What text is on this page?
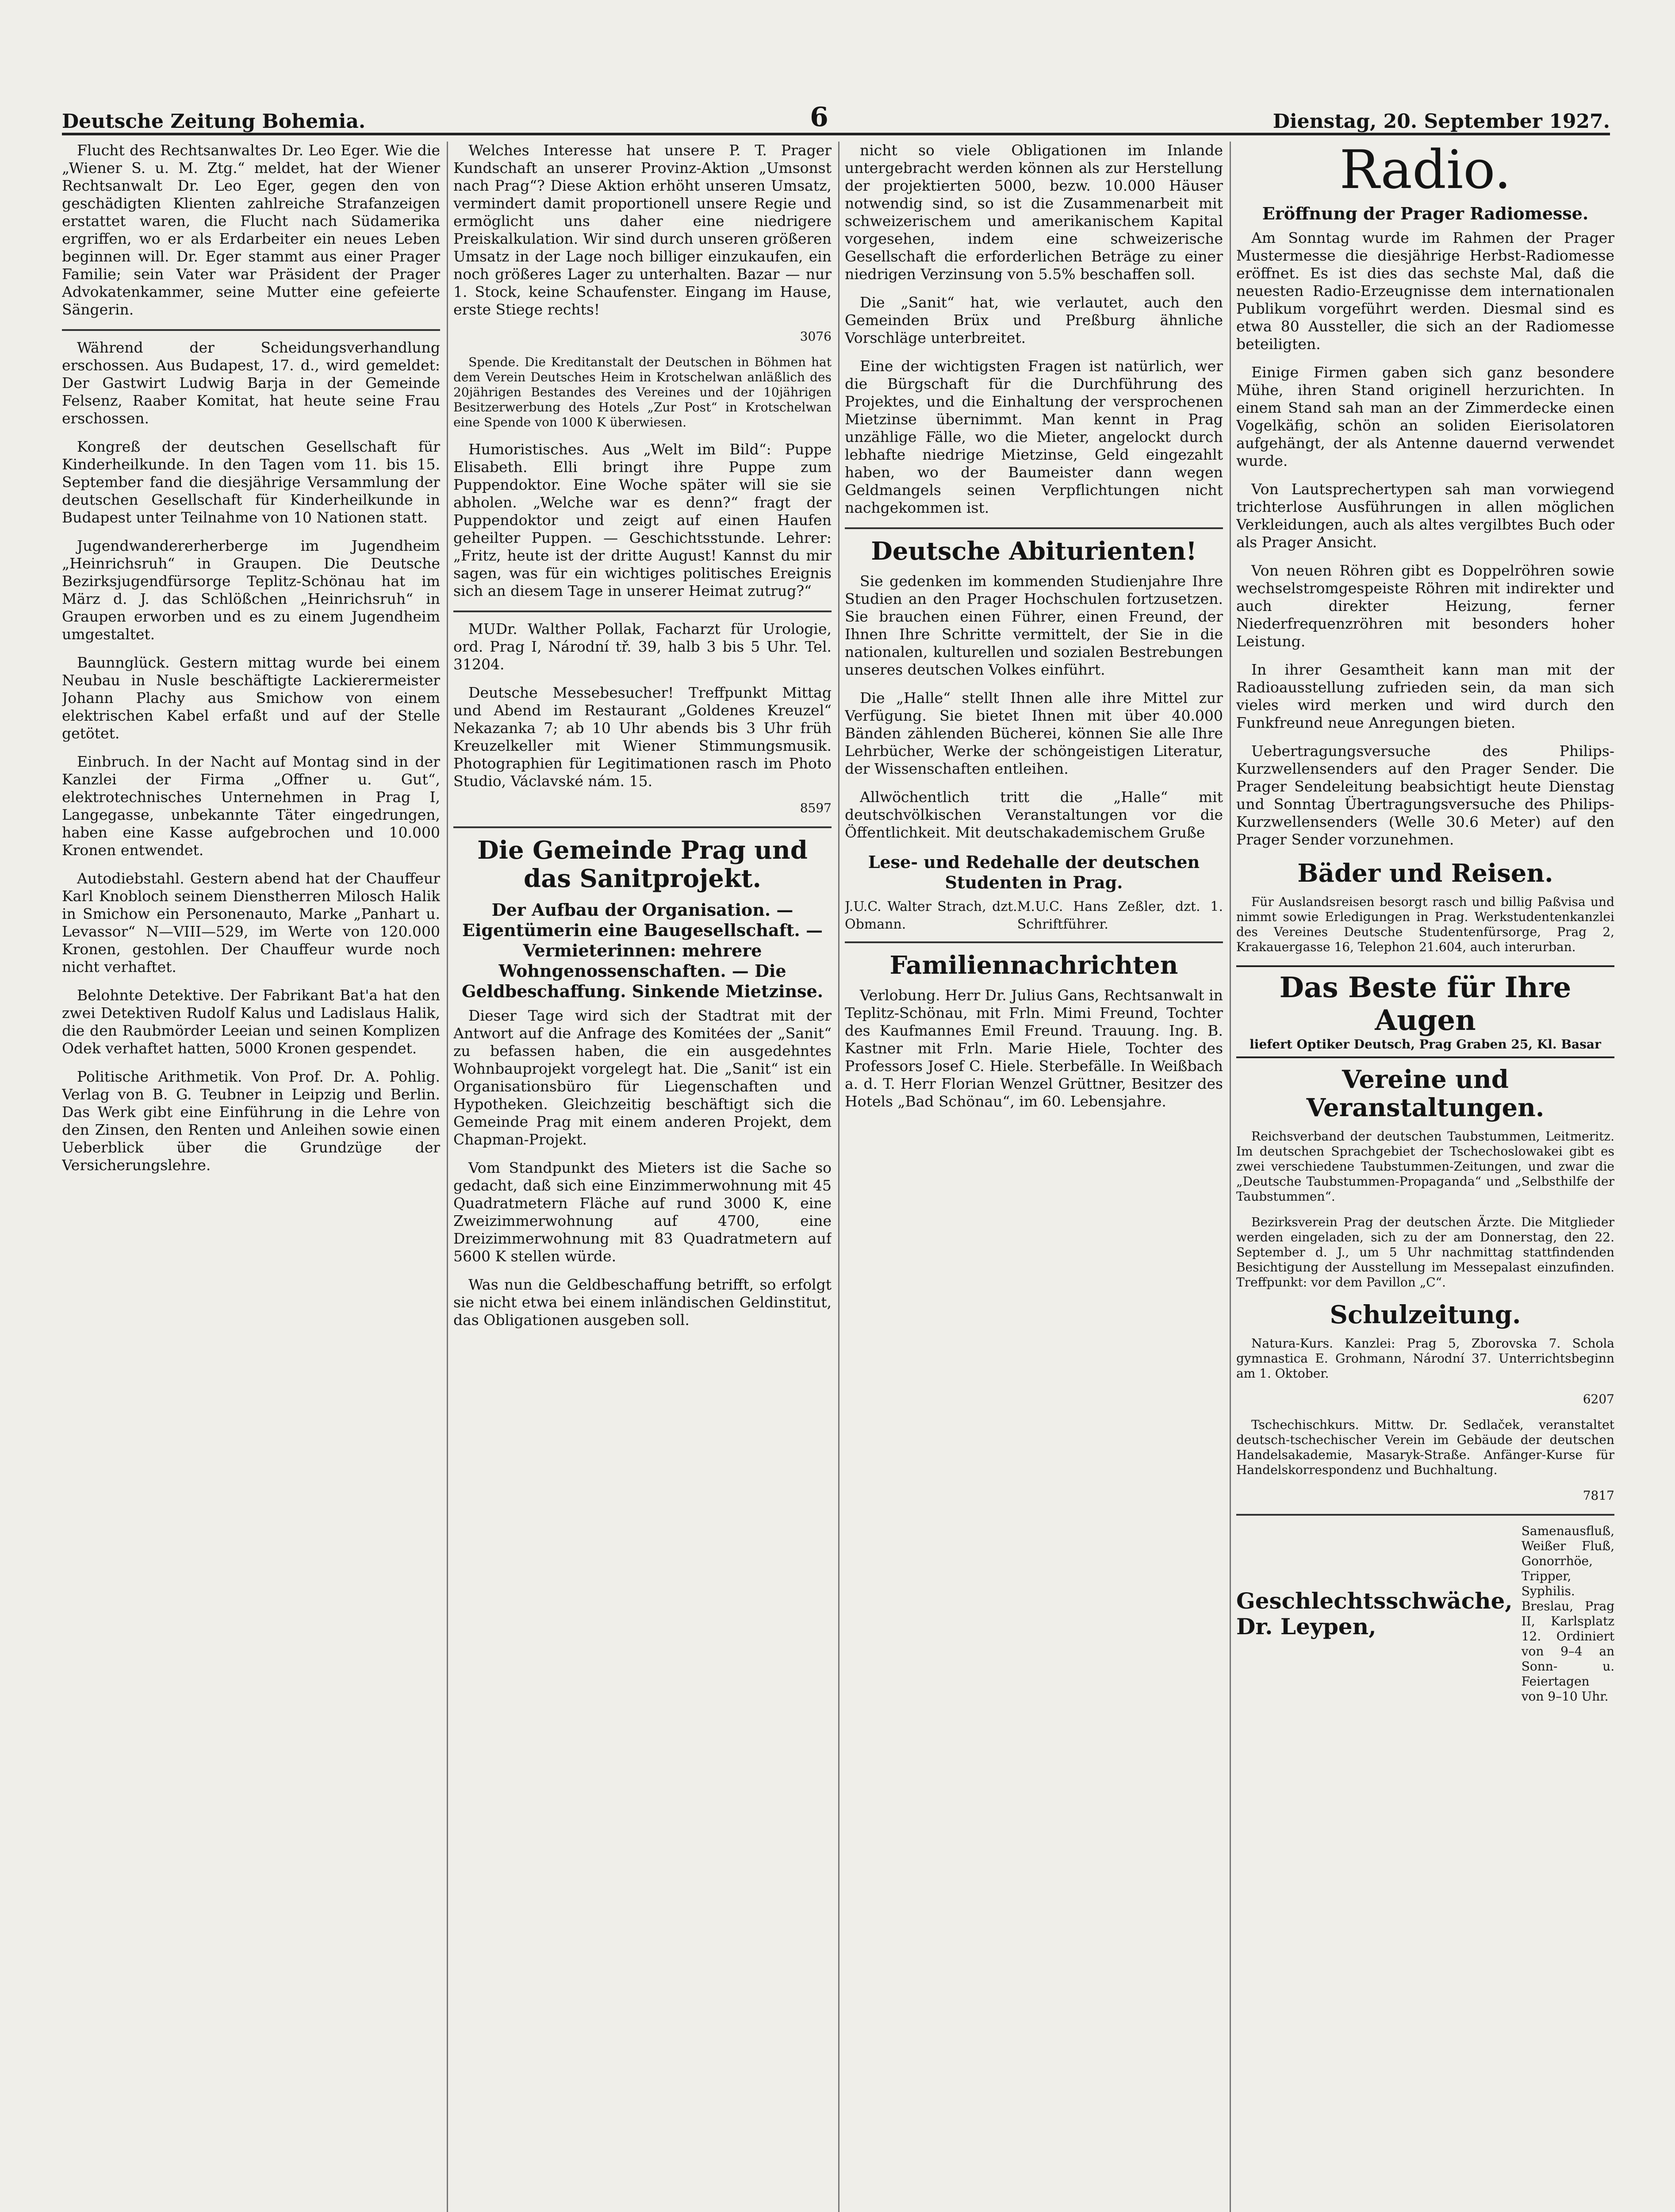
Deutsche Zeitung Bohemia.	6	Dienstag, 20. September 1927.

Flucht des Rechtsanwaltes Dr. Leo Eger. Wie die „Wiener S. u. M. Ztg.“ meldet, hat der Wiener Rechtsanwalt Dr. Leo Eger, gegen den von geschädigten Klienten zahlreiche Strafanzeigen erstattet waren, die Flucht nach Südamerika ergriffen, wo er als Erdarbeiter ein neues Leben beginnen will. Dr. Eger stammt aus einer Prager Familie; sein Vater war Präsident der Prager Advokatenkammer, seine Mutter eine gefeierte Sängerin.

Während der Scheidungsverhandlung erschossen. Aus Budapest, 17. d., wird gemeldet: Der Gastwirt Ludwig Barja in der Gemeinde Felsenz, Raaber Komitat, hat heute seine Frau erschossen.

Kongreß der deutschen Gesellschaft für Kinderheilkunde. In den Tagen vom 11. bis 15. September fand die diesjährige Versammlung der deutschen Gesellschaft für Kinderheilkunde in Budapest unter Teilnahme von 10 Nationen statt.

Jugendwandererherberge im Jugendheim „Heinrichsruh“ in Graupen. Die Deutsche Bezirksjugendfürsorge Teplitz-Schönau hat im März d. J. das Schlößchen „Heinrichsruh“ in Graupen erworben und es zu einem Jugendheim umgestaltet.

Baunnglück. Gestern mittag wurde bei einem Neubau in Nusle beschäftigte Lackierermeister Johann Plachy aus Smichow von einem elektrischen Kabel erfaßt und auf der Stelle getötet.

Einbruch. In der Nacht auf Montag sind in der Kanzlei der Firma „Offner u. Gut“, elektrotechnisches Unternehmen in Prag I, Langegasse, unbekannte Täter eingedrungen, haben eine Kasse aufgebrochen und 10.000 Kronen entwendet.

Autodiebstahl. Gestern abend hat der Chauffeur Karl Knobloch seinem Dienstherren Milosch Halik in Smichow ein Personenauto, Marke „Panhart u. Levassor“ N—VIII—529, im Werte von 120.000 Kronen, gestohlen. Der Chauffeur wurde noch nicht verhaftet.

Belohnte Detektive. Der Fabrikant Bat'a hat den zwei Detektiven Rudolf Kalus und Ladislaus Halik, die den Raubmörder Leeian und seinen Komplizen Odek verhaftet hatten, 5000 Kronen gespendet.

Politische Arithmetik. Von Prof. Dr. A. Pohlig. Verlag von B. G. Teubner in Leipzig und Berlin. Das Werk gibt eine Einführung in die Lehre von den Zinsen, den Renten und Anleihen sowie einen Ueberblick über die Grundzüge der Versicherungslehre.

Welches Interesse hat unsere P. T. Prager Kundschaft an unserer Provinz-Aktion „Umsonst nach Prag“? Diese Aktion erhöht unseren Umsatz, vermindert damit proportionell unsere Regie und ermöglicht uns daher eine niedrigere Preiskalkulation. Wir sind durch unseren größeren Umsatz in der Lage noch billiger einzukaufen, ein noch größeres Lager zu unterhalten. Bazar — nur 1. Stock, keine Schaufenster. Eingang im Hause, erste Stiege rechts!

3076

Spende. Die Kreditanstalt der Deutschen in Böhmen hat dem Verein Deutsches Heim in Krotschelwan anläßlich des 20jährigen Bestandes des Vereines und der 10jährigen Besitzerwerbung des Hotels „Zur Post“ in Krotschelwan eine Spende von 1000 K überwiesen.

Humoristisches. Aus „Welt im Bild“: Puppe Elisabeth. Elli bringt ihre Puppe zum Puppendoktor. Eine Woche später will sie sie abholen. „Welche war es denn?“ fragt der Puppendoktor und zeigt auf einen Haufen geheilter Puppen. — Geschichtsstunde. Lehrer: „Fritz, heute ist der dritte August! Kannst du mir sagen, was für ein wichtiges politisches Ereignis sich an diesem Tage in unserer Heimat zutrug?“

MUDr. Walther Pollak, Facharzt für Urologie, ord. Prag I, Národní tř. 39, halb 3 bis 5 Uhr. Tel. 31204.

Deutsche Messebesucher! Treffpunkt Mittag und Abend im Restaurant „Goldenes Kreuzel“ Nekazanka 7; ab 10 Uhr abends bis 3 Uhr früh Kreuzelkeller mit Wiener Stimmungsmusik. Photographien für Legitimationen rasch im Photo Studio, Václavské nám. 15.

8597

Die Gemeinde Prag und das Sanitprojekt.
Der Aufbau der Organisation. — Eigentümerin eine Baugesellschaft. — Vermieterinnen: mehrere Wohngenossenschaften. — Die Geldbeschaffung. Sinkende Mietzinse.

Dieser Tage wird sich der Stadtrat mit der Antwort auf die Anfrage des Komitées der „Sanit“ zu befassen haben, die ein ausgedehntes Wohnbauprojekt vorgelegt hat. Die „Sanit“ ist ein Organisationsbüro für Liegenschaften und Hypotheken. Gleichzeitig beschäftigt sich die Gemeinde Prag mit einem anderen Projekt, dem Chapman-Projekt.

Vom Standpunkt des Mieters ist die Sache so gedacht, daß sich eine Einzimmerwohnung mit 45 Quadratmetern Fläche auf rund 3000 K, eine Zweizimmerwohnung auf 4700, eine Dreizimmerwohnung mit 83 Quadratmetern auf 5600 K stellen würde.

Was nun die Geldbeschaffung betrifft, so erfolgt sie nicht etwa bei einem inländischen Geldinstitut, das Obligationen ausgeben soll.

nicht so viele Obligationen im Inlande untergebracht werden können als zur Herstellung der projektierten 5000, bezw. 10.000 Häuser notwendig sind, so ist die Zusammenarbeit mit schweizerischem und amerikanischem Kapital vorgesehen, indem eine schweizerische Gesellschaft die erforderlichen Beträge zu einer niedrigen Verzinsung von 5.5% beschaffen soll.

Die „Sanit“ hat, wie verlautet, auch den Gemeinden Brüx und Preßburg ähnliche Vorschläge unterbreitet.

Eine der wichtigsten Fragen ist natürlich, wer die Bürgschaft für die Durchführung des Projektes, und die Einhaltung der versprochenen Mietzinse übernimmt. Man kennt in Prag unzählige Fälle, wo die Mieter, angelockt durch lebhafte niedrige Mietzinse, Geld eingezahlt haben, wo der Baumeister dann wegen Geldmangels seinen Verpflichtungen nicht nachgekommen ist.

Deutsche Abiturienten!

Sie gedenken im kommenden Studienjahre Ihre Studien an den Prager Hochschulen fortzusetzen. Sie brauchen einen Führer, einen Freund, der Ihnen Ihre Schritte vermittelt, der Sie in die nationalen, kulturellen und sozialen Bestrebungen unseres deutschen Volkes einführt.

Die „Halle“ stellt Ihnen alle ihre Mittel zur Verfügung. Sie bietet Ihnen mit über 40.000 Bänden zählenden Bücherei, können Sie alle Ihre Lehrbücher, Werke der schöngeistigen Literatur, der Wissenschaften entleihen.

Allwöchentlich tritt die „Halle“ mit deutschvölkischen Veranstaltungen vor die Öffentlichkeit. Mit deutschakademischem Gruße

Lese- und Redehalle der deutschen Studenten in Prag.
J.U.C. Walter Strach, dzt. Obmann.
M.U.C. Hans Zeßler, dzt. 1. Schriftführer.
Familiennachrichten

Verlobung. Herr Dr. Julius Gans, Rechtsanwalt in Teplitz-Schönau, mit Frln. Mimi Freund, Tochter des Kaufmannes Emil Freund. Trauung. Ing. B. Kastner mit Frln. Marie Hiele, Tochter des Professors Josef C. Hiele. Sterbefälle. In Weißbach a. d. T. Herr Florian Wenzel Grüttner, Besitzer des Hotels „Bad Schönau“, im 60. Lebensjahre.

Radio.
Eröffnung der Prager Radiomesse.

Am Sonntag wurde im Rahmen der Prager Mustermesse die diesjährige Herbst-Radiomesse eröffnet. Es ist dies das sechste Mal, daß die neuesten Radio-Erzeugnisse dem internationalen Publikum vorgeführt werden. Diesmal sind es etwa 80 Aussteller, die sich an der Radiomesse beteiligten.

Einige Firmen gaben sich ganz besondere Mühe, ihren Stand originell herzurichten. In einem Stand sah man an der Zimmerdecke einen Vogelkäfig, schön an soliden Eierisolatoren aufgehängt, der als Antenne dauernd verwendet wurde.

Von Lautsprechertypen sah man vorwiegend trichterlose Ausführungen in allen möglichen Verkleidungen, auch als altes vergilbtes Buch oder als Prager Ansicht.

Von neuen Röhren gibt es Doppelröhren sowie wechselstromgespeiste Röhren mit indirekter und auch direkter Heizung, ferner Niederfrequenzröhren mit besonders hoher Leistung.

In ihrer Gesamtheit kann man mit der Radioausstellung zufrieden sein, da man sich vieles wird merken und wird durch den Funkfreund neue Anregungen bieten.

Uebertragungsversuche des Philips-Kurzwellensenders auf den Prager Sender. Die Prager Sendeleitung beabsichtigt heute Dienstag und Sonntag Übertragungsversuche des Philips-Kurzwellensenders (Welle 30.6 Meter) auf den Prager Sender vorzunehmen.

Bäder und Reisen.

Für Auslandsreisen besorgt rasch und billig Paßvisa und nimmt sowie Erledigungen in Prag. Werkstudentenkanzlei des Vereines Deutsche Studentenfürsorge, Prag 2, Krakauergasse 16, Telephon 21.604, auch interurban.

Das Beste für Ihre Augen
liefert Optiker Deutsch, Prag Graben 25, Kl. Basar
Vereine und Veranstaltungen.

Reichsverband der deutschen Taubstummen, Leitmeritz. Im deutschen Sprachgebiet der Tschechoslowakei gibt es zwei verschiedene Taubstummen-Zeitungen, und zwar die „Deutsche Taubstummen-Propaganda“ und „Selbsthilfe der Taubstummen“.

Bezirksverein Prag der deutschen Ärzte. Die Mitglieder werden eingeladen, sich zu der am Donnerstag, den 22. September d. J., um 5 Uhr nachmittag stattfindenden Besichtigung der Ausstellung im Messepalast einzufinden. Treffpunkt: vor dem Pavillon „C“.

Schulzeitung.

Natura-Kurs. Kanzlei: Prag 5, Zborovska 7. Schola gymnastica E. Grohmann, Národní 37. Unterrichtsbeginn am 1. Oktober.

6207

Tschechischkurs. Mittw. Dr. Sedlaček, veranstaltet deutsch-tschechischer Verein im Gebäude der deutschen Handelsakademie, Masaryk-Straße. Anfänger-Kurse für Handelskorrespondenz und Buchhaltung.

7817

Geschlechtsschwäche,
Dr. Leypen,
Samenausfluß, Weißer Fluß, Gonorrhöe, Tripper, Syphilis. Breslau, Prag II, Karlsplatz 12. Ordiniert von 9–4 an Sonn- u. Feiertagen von 9–10 Uhr.
